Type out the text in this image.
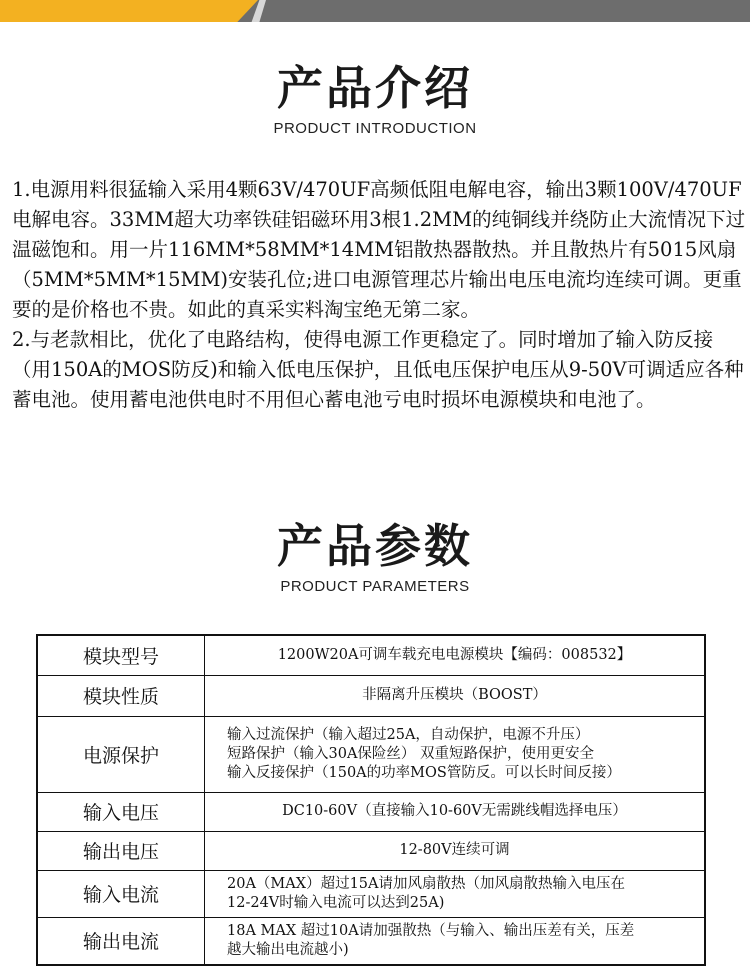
产品介绍
PRODUCT INTRODUCTION

1.电源用料很猛输入采用4颗63V/470UF高频低阻电解电容，输出3颗100V/470UF电解电容。33MM超大功率铁硅铝磁环用3根1.2MM的纯铜线并绕防止大流情况下过温磁饱和。用一片116MM*58MM*14MM铝散热器散热。并且散热片有5015风扇（5MM*5MM*15MM)安装孔位;进口电源管理芯片输出电压电流均连续可调。更重要的是价格也不贵。如此的真采实料淘宝绝无第二家。

2.与老款相比，优化了电路结构，使得电源工作更稳定了。同时增加了输入防反接（用150A的MOS防反)和输入低电压保护，且低电压保护电压从9-50V可调适应各种蓄电池。使用蓄电池供电时不用但心蓄电池亏电时损坏电源模块和电池了。

产品参数
PRODUCT PARAMETERS
模块型号	1200W20A可调车载充电电源模块【编码：008532】
模块性质	非隔离升压模块（BOOST）
电源保护	输入过流保护（输入超过25A，自动保护，电源不升压）
短路保护（输入30A保险丝） 双重短路保护，使用更安全
输入反接保护（150A的功率MOS管防反。可以长时间反接）

输入电压	DC10-60V（直接输入10-60V无需跳线帽选择电压）
输出电压	12-80V连续可调
输入电流	20A（MAX）超过15A请加风扇散热（加风扇散热输入电压在
12-24V时输入电流可以达到25A)

输出电流	18A MAX 超过10A请加强散热（与输入、输出压差有关，压差
越大输出电流越小)
